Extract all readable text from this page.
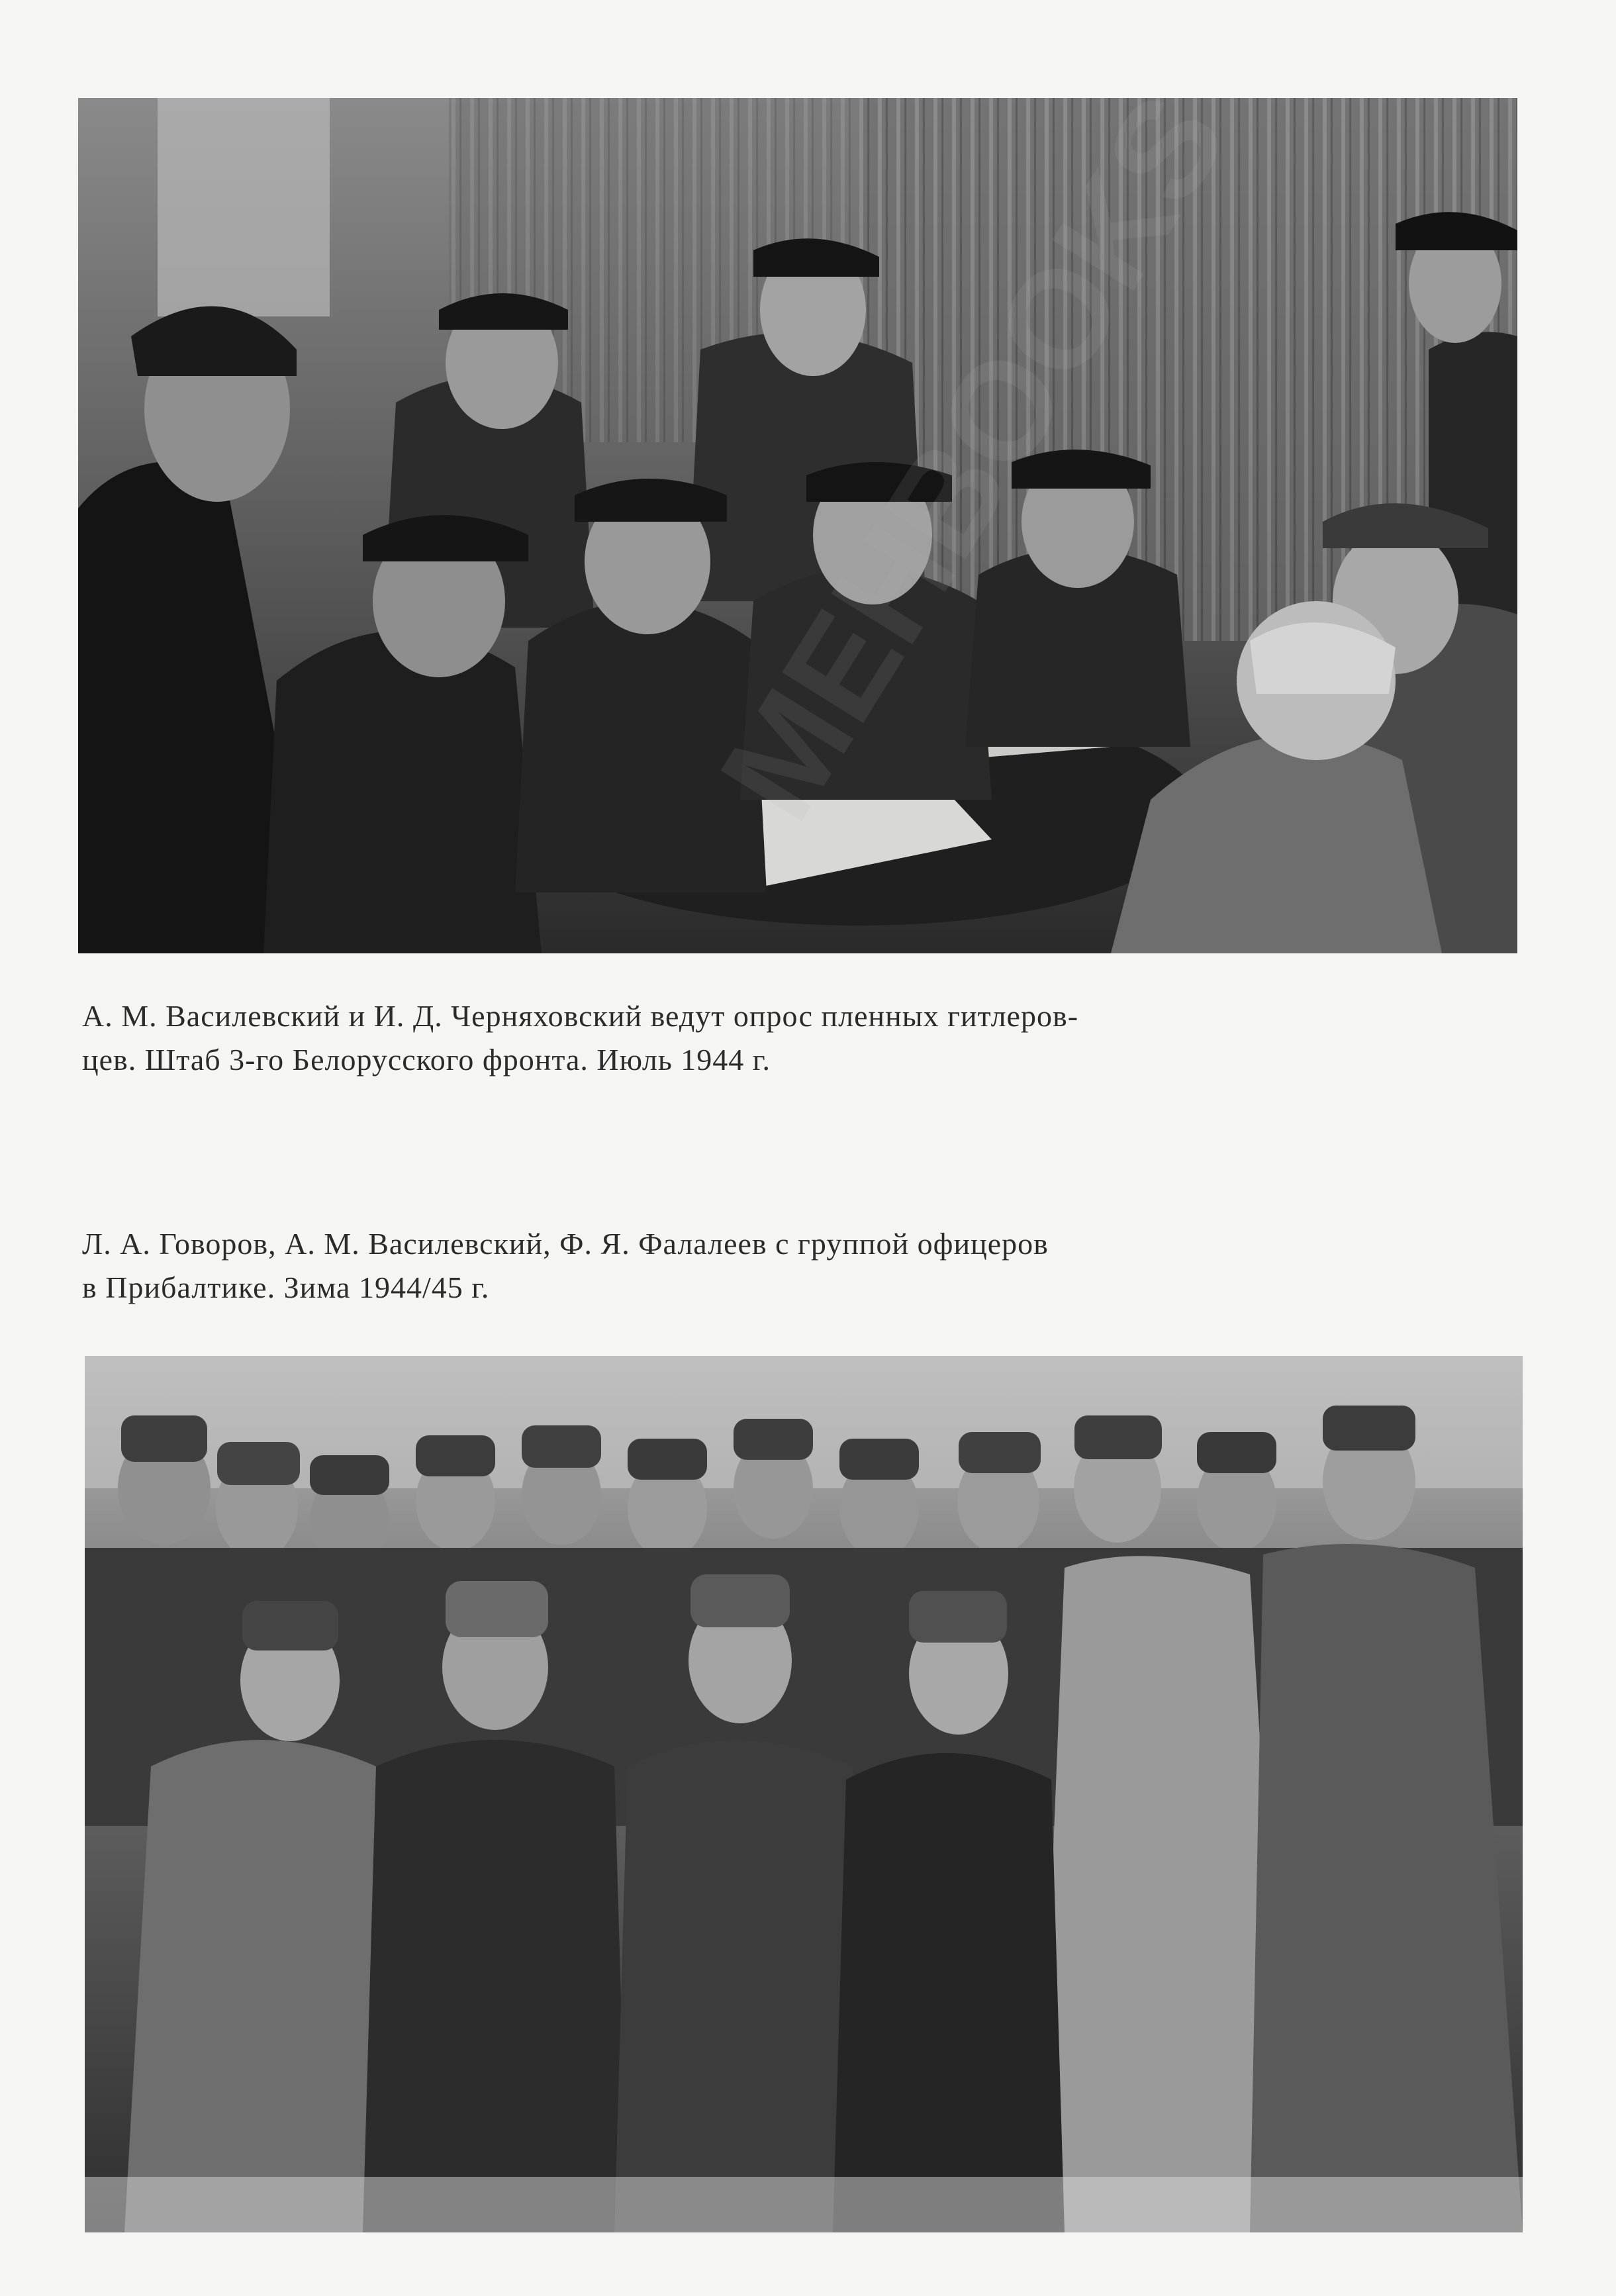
А. М. Василевский и И. Д. Черняховский ведут опрос пленных гитлеров-
цев. Штаб 3-го Белорусского фронта. Июль 1944 г.
Л. А. Говоров, А. М. Василевский, Ф. Я. Фалалеев с группой офицеров
в Прибалтике. Зима 1944/45 г.
